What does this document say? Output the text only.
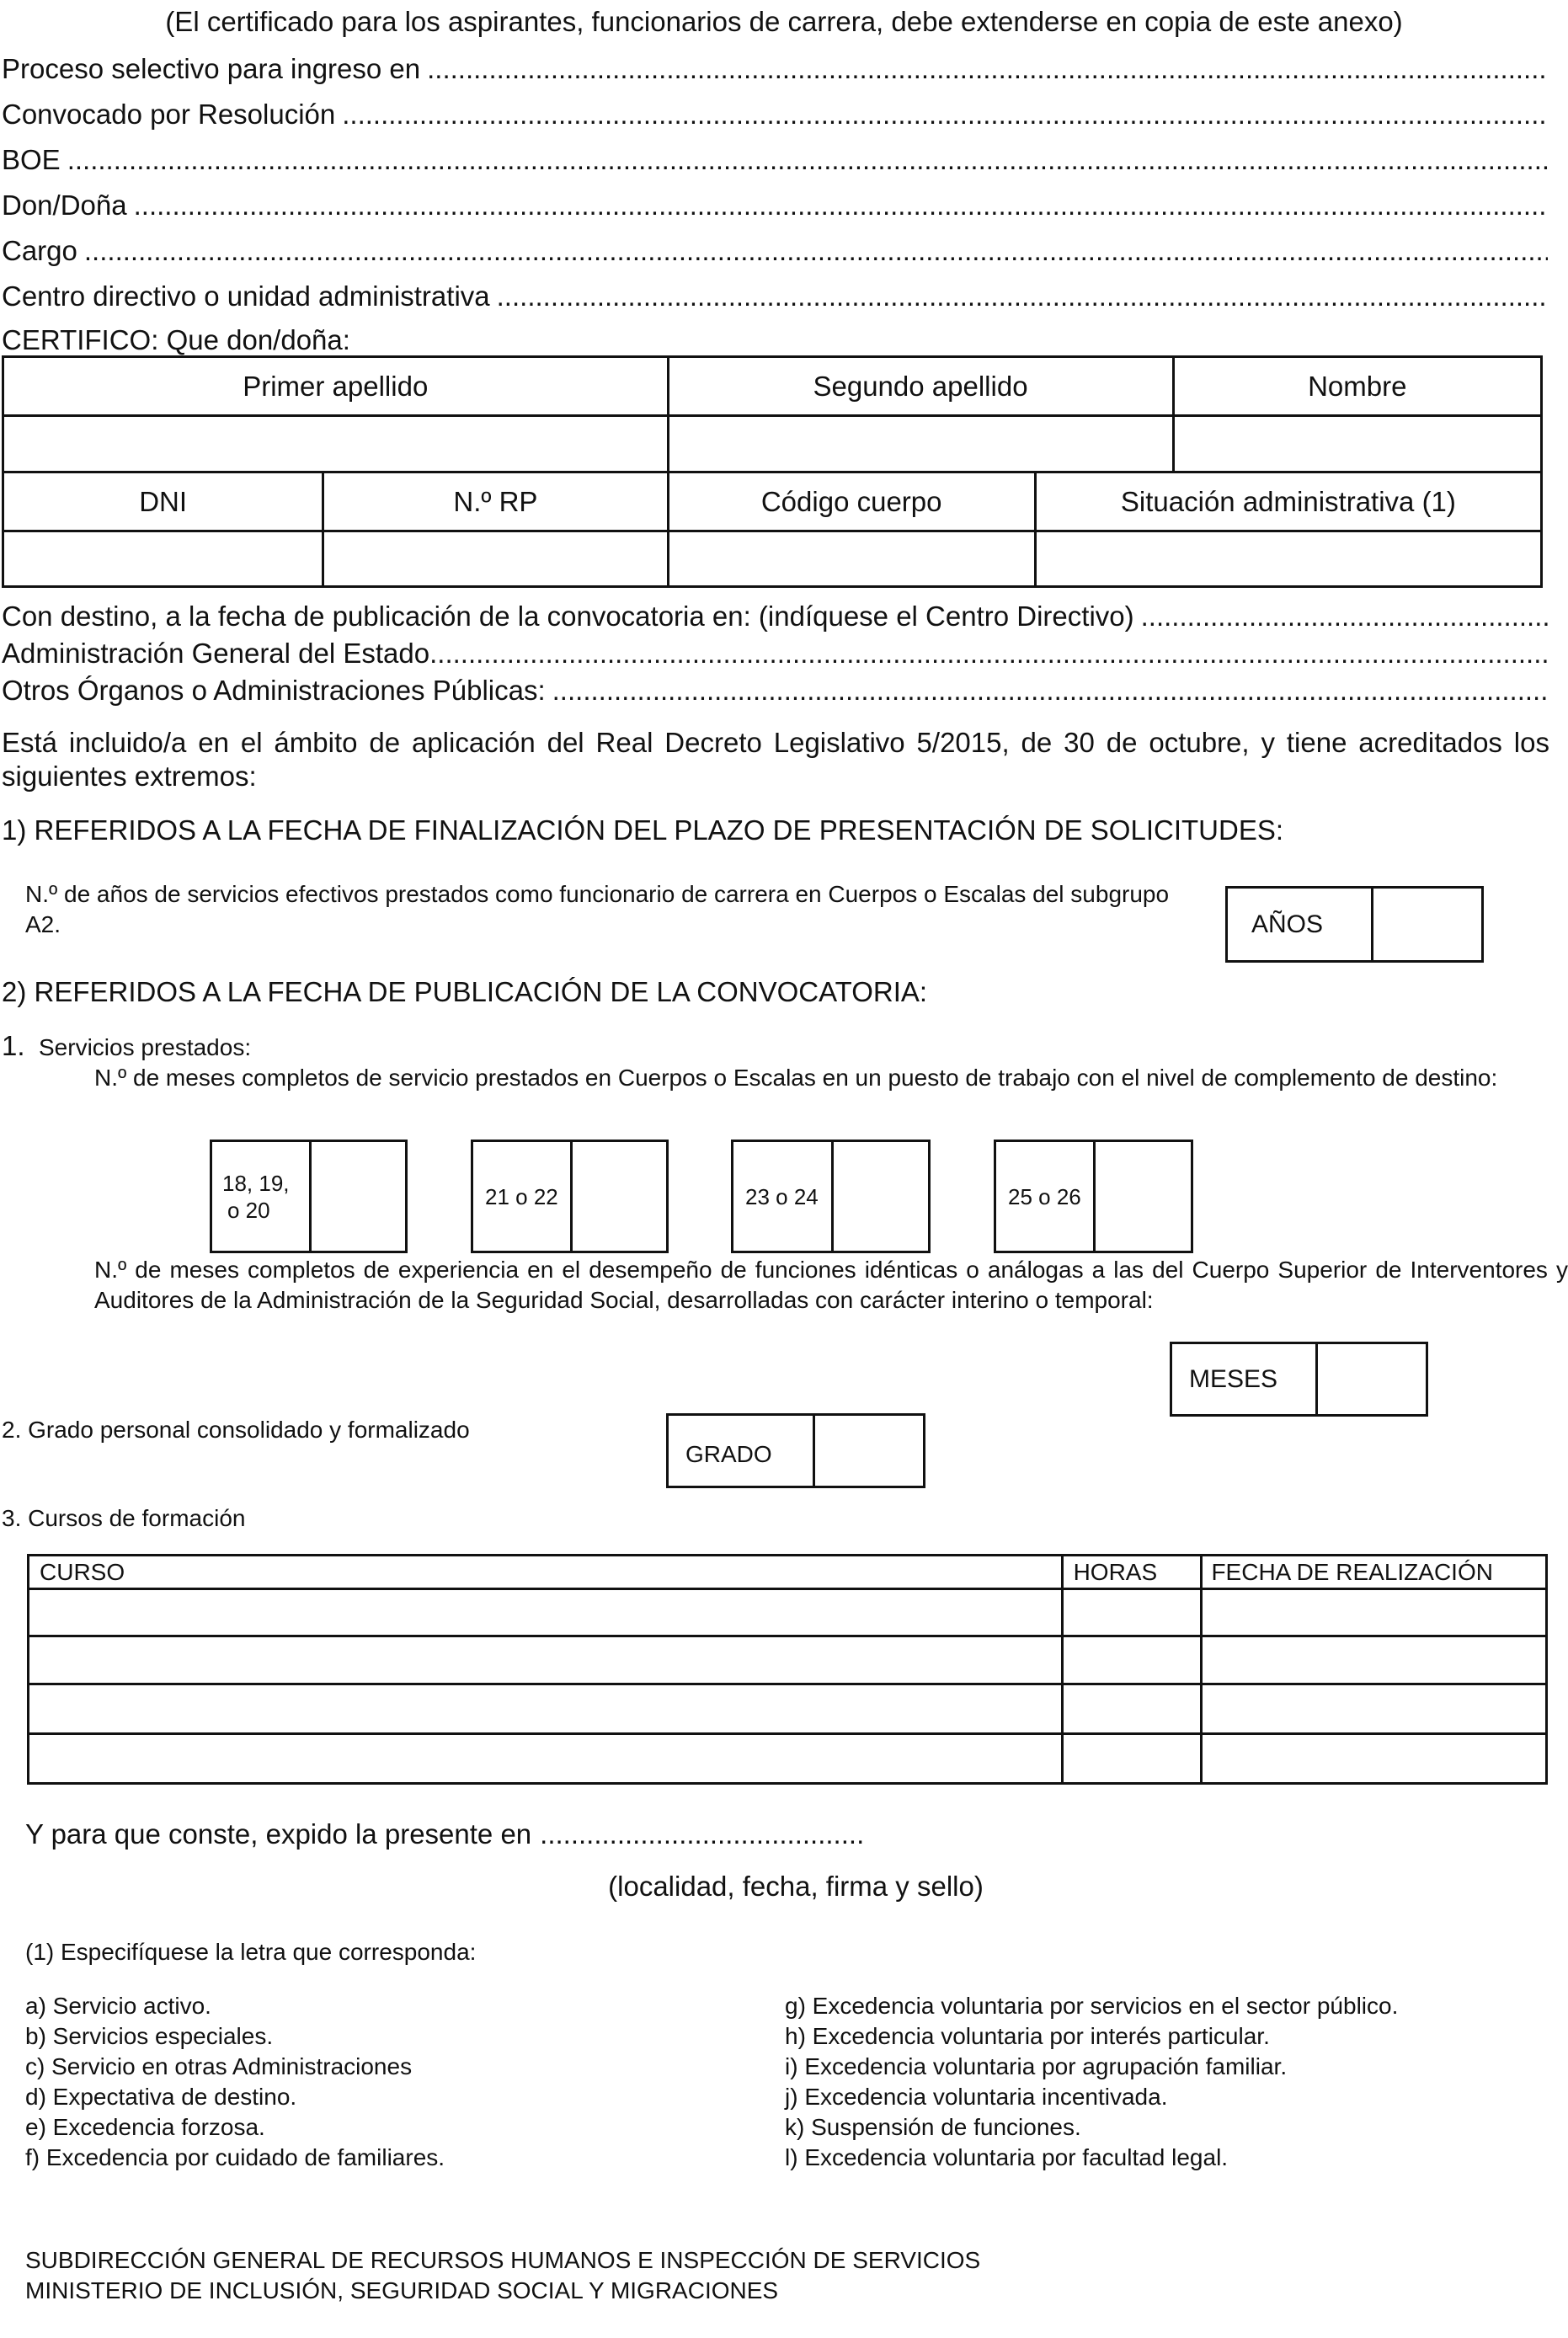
(El certificado para los aspirantes, funcionarios de carrera, debe extenderse en copia de este anexo)
Proceso selectivo para ingreso en
.....
Convocado por Resolución
.....
BOE
.....
Don/Doña
.....
Cargo
.....
Centro directivo o unidad administrativa
.....
CERTIFICO: Que don/doña:
Primer apellido		Segundo apellido		Nombre

DNI	N.º RP	Código cuerpo	Situación administrativa (1)	

Con destino, a la fecha de publicación de la convocatoria en: (indíquese el Centro Directivo)
.....
Administración General del Estado
.....
Otros Órganos o Administraciones Públicas:
.....
Está incluido/a en el ámbito de aplicación del Real Decreto Legislativo 5/2015, de 30 de octubre, y tiene acreditados los siguientes extremos:
1) REFERIDOS A LA FECHA DE FINALIZACIÓN DEL PLAZO DE PRESENTACIÓN DE SOLICITUDES:
N.º de años de servicios efectivos prestados como funcionario de carrera en Cuerpos o Escalas del subgrupo A2.	AÑOS
2) REFERIDOS A LA FECHA DE PUBLICACIÓN DE LA CONVOCATORIA:
1. Servicios prestados:
N.º de meses completos de servicio prestados en Cuerpos o Escalas en un puesto de trabajo con el nivel de complemento de destino:
18, 19,
o 20
21 o 22	23 o 24	25 o 26
N.º de meses completos de experiencia en el desempeño de funciones idénticas o análogas a las del Cuerpo Superior de Interventores y Auditores de la Administración de la Seguridad Social, desarrolladas con carácter interino o temporal:
MESES
2. Grado personal consolidado y formalizado
GRADO
3. Cursos de formación
CURSO	HORAS	FECHA DE REALIZACIÓN

Y para que conste, expido la presente en ..........................................
(localidad, fecha, firma y sello)
(1) Especifíquese la letra que corresponda:
a) Servicio activo.
b) Servicios especiales.
c) Servicio en otras Administraciones
d) Expectativa de destino.
e) Excedencia forzosa.
f) Excedencia por cuidado de familiares.
g) Excedencia voluntaria por servicios en el sector público.
h) Excedencia voluntaria por interés particular.
i) Excedencia voluntaria por agrupación familiar.
j) Excedencia voluntaria incentivada.
k) Suspensión de funciones.
l) Excedencia voluntaria por facultad legal.
SUBDIRECCIÓN GENERAL DE RECURSOS HUMANOS E INSPECCIÓN DE SERVICIOS
MINISTERIO DE INCLUSIÓN, SEGURIDAD SOCIAL Y MIGRACIONES
